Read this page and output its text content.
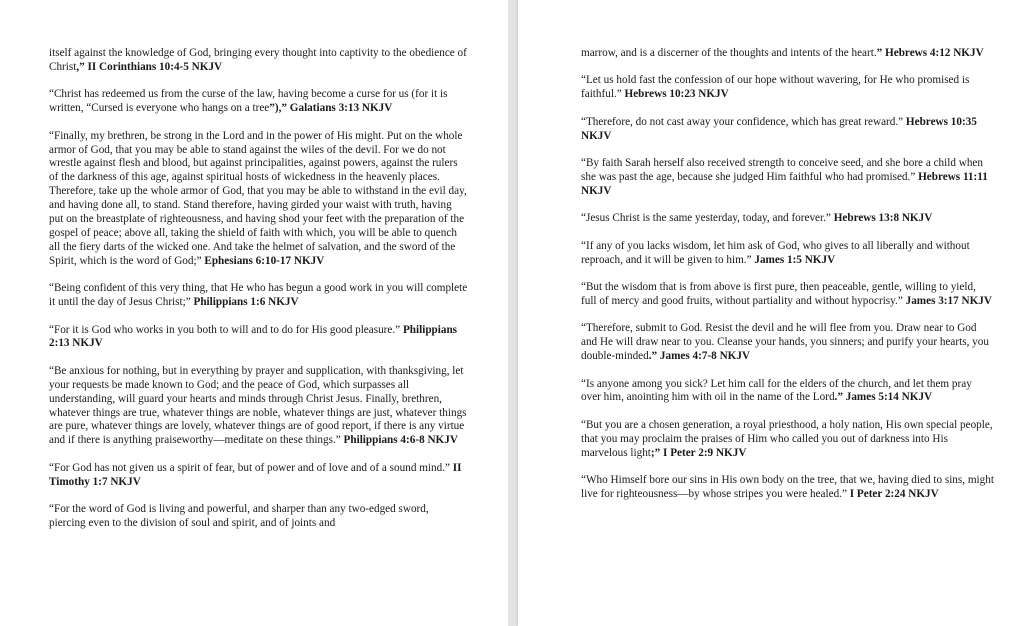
itself against the knowledge of God, bringing every thought into captivity to the obedience of Christ,” II Corinthians 10:4-5 NKJV

“Christ has redeemed us from the curse of the law, having become a curse for us (for it is written, “Cursed is everyone who hangs on a tree”),” Galatians 3:13 NKJV

“Finally, my brethren, be strong in the Lord and in the power of His might. Put on the whole armor of God, that you may be able to stand against the wiles of the devil. For we do not wrestle against flesh and blood, but against principalities, against powers, against the rulers of the darkness of this age, against spiritual hosts of wickedness in the heavenly places. Therefore, take up the whole armor of God, that you may be able to withstand in the evil day, and having done all, to stand. Stand therefore, having girded your waist with truth, having put on the breastplate of righteousness, and having shod your feet with the preparation of the gospel of peace; above all, taking the shield of faith with which, you will be able to quench all the fiery darts of the wicked one. And take the helmet of salvation, and the sword of the Spirit, which is the word of God;” Ephesians 6:10-17 NKJV

“Being confident of this very thing, that He who has begun a good work in you will complete it until the day of Jesus Christ;” Philippians 1:6 NKJV

“For it is God who works in you both to will and to do for His good pleasure.” Philippians 2:13 NKJV

“Be anxious for nothing, but in everything by prayer and supplication, with thanksgiving, let your requests be made known to God; and the peace of God, which surpasses all understanding, will guard your hearts and minds through Christ Jesus. Finally, brethren, whatever things are true, whatever things are noble, whatever things are just, whatever things are pure, whatever things are lovely, whatever things are of good report, if there is any virtue and if there is anything praiseworthy—meditate on these things.” Philippians 4:6-8 NKJV

“For God has not given us a spirit of fear, but of power and of love and of a sound mind.” II Timothy 1:7 NKJV

“For the word of God is living and powerful, and sharper than any two-edged sword, piercing even to the division of soul and spirit, and of joints and

marrow, and is a discerner of the thoughts and intents of the heart.” Hebrews 4:12 NKJV

“Let us hold fast the confession of our hope without wavering, for He who promised is faithful.” Hebrews 10:23 NKJV

“Therefore, do not cast away your confidence, which has great reward.” Hebrews 10:35 NKJV

“By faith Sarah herself also received strength to conceive seed, and she bore a child when she was past the age, because she judged Him faithful who had promised.” Hebrews 11:11 NKJV

“Jesus Christ is the same yesterday, today, and forever.” Hebrews 13:8 NKJV

“If any of you lacks wisdom, let him ask of God, who gives to all liberally and without reproach, and it will be given to him.” James 1:5 NKJV

“But the wisdom that is from above is first pure, then peaceable, gentle, willing to yield, full of mercy and good fruits, without partiality and without hypocrisy.” James 3:17 NKJV

“Therefore, submit to God. Resist the devil and he will flee from you. Draw near to God and He will draw near to you. Cleanse your hands, you sinners; and purify your hearts, you double-minded.” James 4:7-8 NKJV

“Is anyone among you sick? Let him call for the elders of the church, and let them pray over him, anointing him with oil in the name of the Lord.” James 5:14 NKJV

“But you are a chosen generation, a royal priesthood, a holy nation, His own special people, that you may proclaim the praises of Him who called you out of darkness into His marvelous light;” I Peter 2:9 NKJV

“Who Himself bore our sins in His own body on the tree, that we, having died to sins, might live for righteousness—by whose stripes you were healed.” I Peter 2:24 NKJV
